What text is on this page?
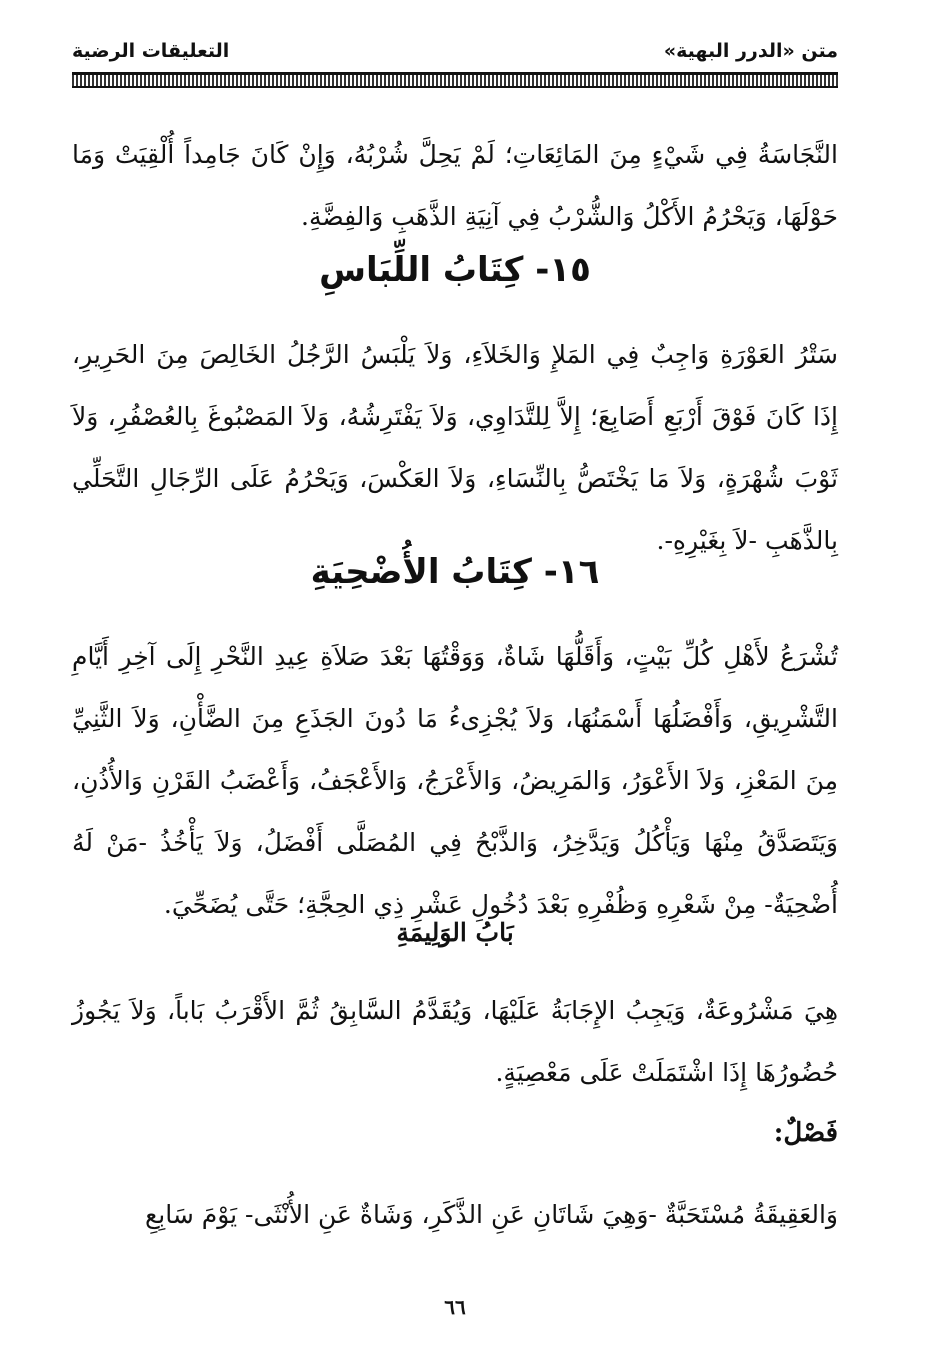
متن «الدرر البهية»
التعليقات الرضية
النَّجَاسَةُ فِي شَيْءٍ مِنَ المَائِعَاتِ؛ لَمْ يَحِلَّ شُرْبُهُ، وَإِنْ كَانَ جَامِداً أُلْقِيَتْ وَمَا حَوْلَهَا، وَيَحْرُمُ الأَكْلُ وَالشُّرْبُ فِي آنِيَةِ الذَّهَبِ وَالفِضَّةِ.
١٥- كِتَابُ اللِّبَاسِ
سَتْرُ العَوْرَةِ وَاجِبٌ فِي المَلإِ وَالخَلاَءِ، وَلاَ يَلْبَسُ الرَّجُلُ الخَالِصَ مِنَ الحَرِيرِ، إِذَا كَانَ فَوْقَ أَرْبَعِ أَصَابِعَ؛ إِلاَّ لِلتَّدَاوِي، وَلاَ يَفْتَرِشُهُ، وَلاَ المَصْبُوغَ بِالعُصْفُرِ، وَلاَ ثَوْبَ شُهْرَةٍ، وَلاَ مَا يَخْتَصُّ بِالنِّسَاءِ، وَلاَ العَكْسَ، وَيَحْرُمُ عَلَى الرِّجَالِ التَّحَلِّي بِالذَّهَبِ -لاَ بِغَيْرِهِ-.
١٦- كِتَابُ الأُضْحِيَةِ
تُشْرَعُ لأَهْلِ كُلِّ بَيْتٍ، وَأَقَلُّهَا شَاةٌ، وَوَقْتُهَا بَعْدَ صَلاَةِ عِيدِ النَّحْرِ إِلَى آخِرِ أَيَّامِ التَّشْرِيقِ، وَأَفْضَلُهَا أَسْمَنُهَا، وَلاَ يُجْزِىءُ مَا دُونَ الجَذَعِ مِنَ الضَّأْنِ، وَلاَ الثَّنِيِّ مِنَ المَعْزِ، وَلاَ الأَعْوَرُ، وَالمَرِيضُ، وَالأَعْرَجُ، وَالأَعْجَفُ، وَأَعْضَبُ القَرْنِ وَالأُذُنِ، وَيَتَصَدَّقُ مِنْهَا وَيَأْكُلُ وَيَدَّخِرُ، وَالذَّبْحُ فِي المُصَلَّى أَفْضَلُ، وَلاَ يَأْخُذُ -مَنْ لَهُ أُضْحِيَةٌ- مِنْ شَعْرِهِ وَظُفْرِهِ بَعْدَ دُخُولِ عَشْرِ ذِي الحِجَّةِ؛ حَتَّى يُضَحِّيَ.
بَابُ الوَلِيمَةِ
هِيَ مَشْرُوعَةٌ، وَيَجِبُ الإِجَابَةُ عَلَيْهَا، وَيُقَدَّمُ السَّابِقُ ثُمَّ الأَقْرَبُ بَاباً، وَلاَ يَجُوزُ حُضُورُهَا إِذَا اشْتَمَلَتْ عَلَى مَعْصِيَةٍ.
فَصْلٌ:
وَالعَقِيقَةُ مُسْتَحَبَّةٌ -وَهِيَ شَاتَانِ عَنِ الذَّكَرِ، وَشَاةٌ عَنِ الأُنْثَى- يَوْمَ سَابِعِ
٦٦
